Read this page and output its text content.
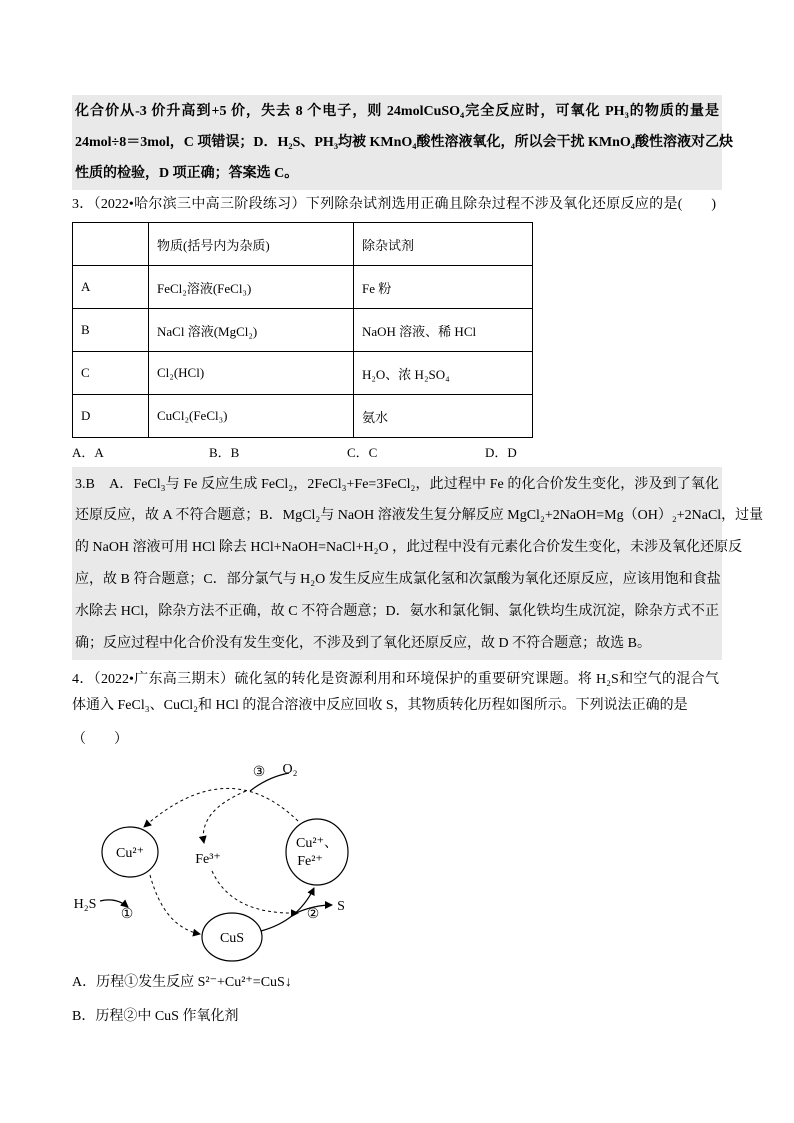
化合价从-3 价升高到+5 价，失去 8 个电子，则 24molCuSO₄完全反应时，可氧化 PH₃的物质的量是
24mol÷8＝3mol，C 项错误；D．H₂S、PH₃均被 KMnO₄酸性溶液氧化，所以会干扰 KMnO₄酸性溶液对乙炔
性质的检验，D 项正确；答案选 C。
3．（2022•哈尔滨三中高三阶段练习）下列除杂试剂选用正确且除杂过程不涉及氧化还原反应的是(　　)
	物质(括号内为杂质)	除杂试剂
A	FeCl₂溶液(FeCl₃)	Fe 粉
B	NaCl 溶液(MgCl₂)	NaOH 溶液、稀 HCl
C	Cl₂(HCl)	H₂O、浓 H₂SO₄
D	CuCl₂(FeCl₃)	氨水
A．A	B．B	C．C	D．D
3.B　A．FeCl₃与 Fe 反应生成 FeCl₂，2FeCl₃+Fe=3FeCl₂，此过程中 Fe 的化合价发生变化，涉及到了氧化
还原反应，故 A 不符合题意；B．MgCl₂与 NaOH 溶液发生复分解反应 MgCl₂+2NaOH=Mg（OH）₂+2NaCl，过量
的 NaOH 溶液可用 HCl 除去 HCl+NaOH=NaCl+H₂O ，此过程中没有元素化合价发生变化，未涉及氧化还原反
应，故 B 符合题意；C．部分氯气与 H₂O 发生反应生成氯化氢和次氯酸为氧化还原反应，应该用饱和食盐
水除去 HCl，除杂方法不正确，故 C 不符合题意；D．氨水和氯化铜、氯化铁均生成沉淀，除杂方式不正
确；反应过程中化合价没有发生变化，不涉及到了氧化还原反应，故 D 不符合题意；故选 B。
4．（2022•广东高三期末）硫化氢的转化是资源利用和环境保护的重要研究课题。将 H₂S和空气的混合气
体通入 FeCl₃、CuCl₂和 HCl 的混合溶液中反应回收 S，其物质转化历程如图所示。下列说法正确的是
（　　）
Cu²⁺
Cu²⁺、
Fe²⁺
Fe³⁺
CuS
③ O₂
H₂S
①	②
S
A．历程①发生反应 S²⁻+Cu²⁺=CuS↓
B．历程②中 CuS 作氧化剂
